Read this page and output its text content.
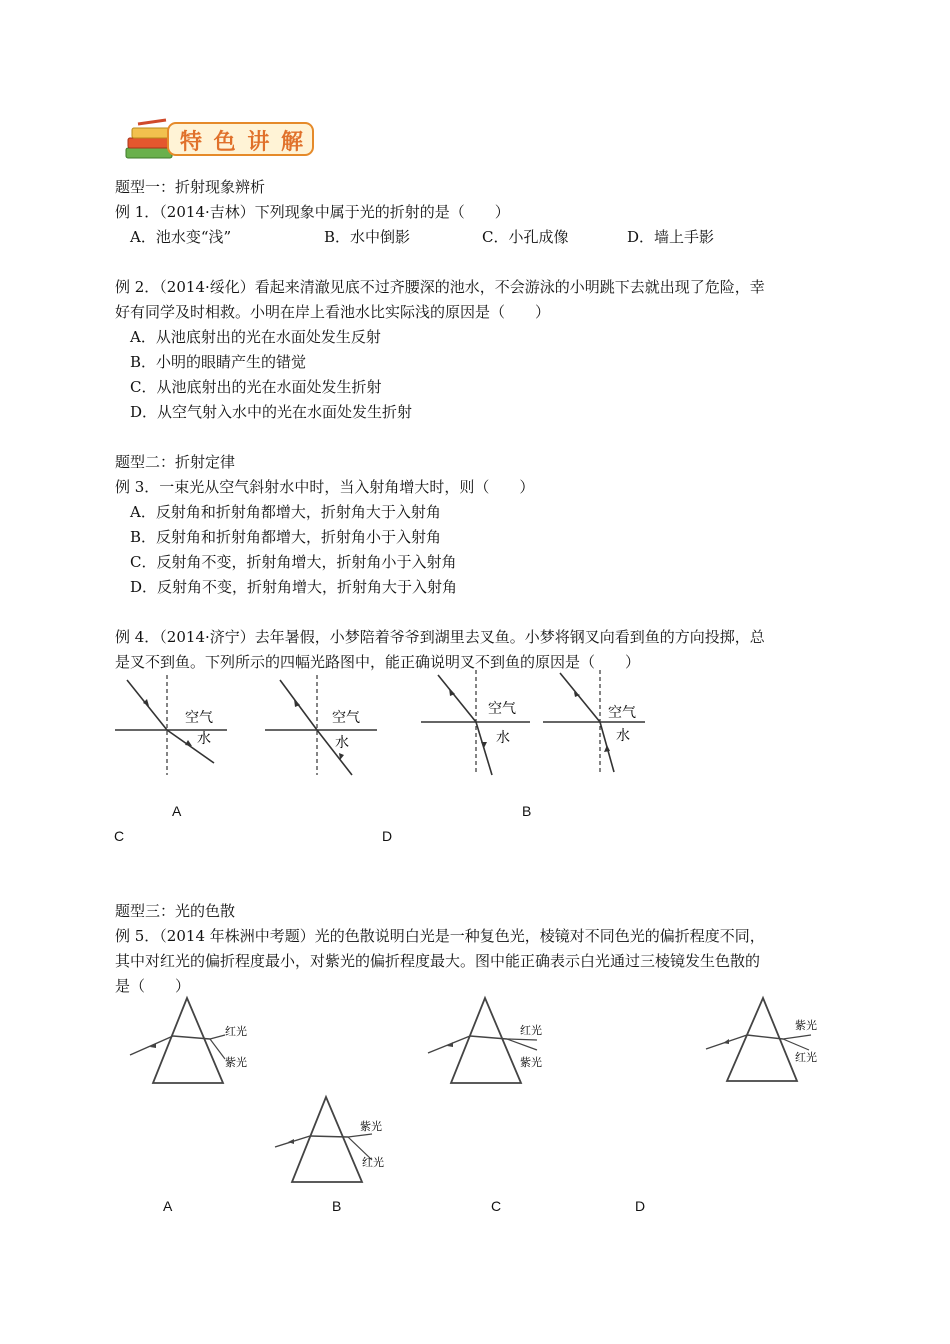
特 色 讲 解
题型一：折射现象辨析
例 1．（2014·吉林）下列现象中属于光的折射的是（　　）
A．池水变“浅”	B．水中倒影	C．小孔成像	D．墙上手影
例 2．（2014·绥化）看起来清澈见底不过齐腰深的池水，不会游泳的小明跳下去就出现了危险，幸
好有同学及时相救。小明在岸上看池水比实际浅的原因是（　　）
A．从池底射出的光在水面处发生反射
B．小明的眼睛产生的错觉
C．从池底射出的光在水面处发生折射
D．从空气射入水中的光在水面处发生折射
题型二：折射定律
例 3．一束光从空气斜射水中时，当入射角增大时，则（　　）
A．反射角和折射角都增大，折射角大于入射角
B．反射角和折射角都增大，折射角小于入射角
C．反射角不变，折射角增大，折射角小于入射角
D．反射角不变，折射角增大，折射角大于入射角
例 4．（2014·济宁）去年暑假，小梦陪着爷爷到湖里去叉鱼。小梦将钢叉向看到鱼的方向投掷，总
是叉不到鱼。下列所示的四幅光路图中，能正确说明叉不到鱼的原因是（　　）
空气
水
空气
水
空气
水
空气
水
A	B
C	D
题型三：光的色散
例 5．（2014 年株洲中考题）光的色散说明白光是一种复色光，棱镜对不同色光的偏折程度不同，
其中对红光的偏折程度最小，对紫光的偏折程度最大。图中能正确表示白光通过三棱镜发生色散的
是（　　）
红光
紫光
红光
紫光
紫光
红光
紫光
红光
A	B	C	D
